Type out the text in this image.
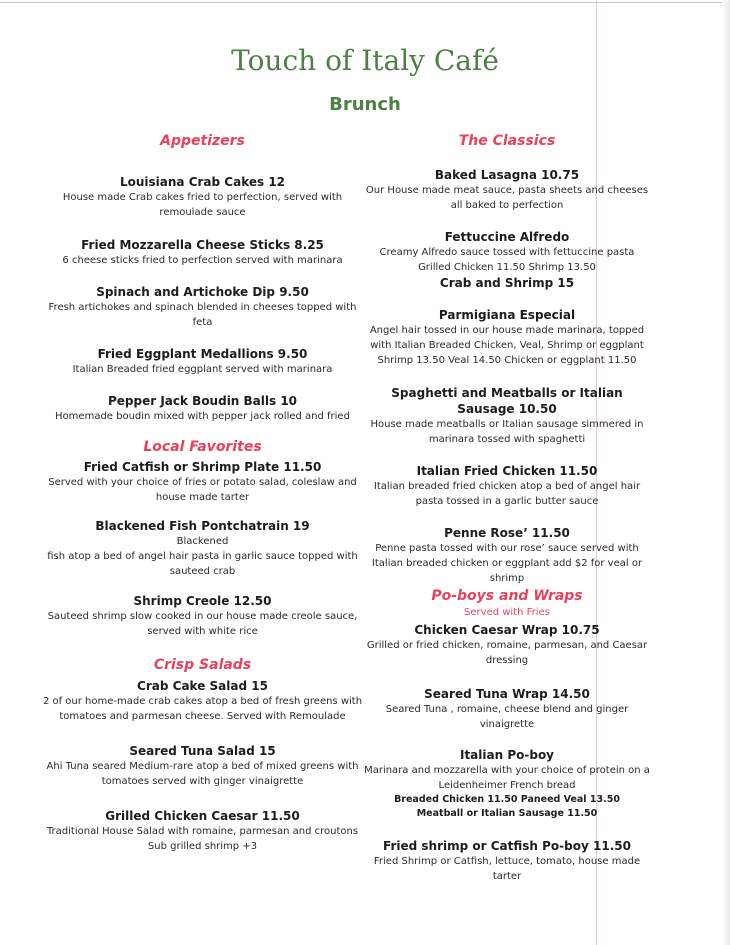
Touch of Italy Café
Brunch
Appetizers
Louisiana Crab Cakes 12
House made Crab cakes fried to perfection, served with remoulade sauce
Fried Mozzarella Cheese Sticks 8.25
6 cheese sticks fried to perfection served with marinara
Spinach and Artichoke Dip 9.50
Fresh artichokes and spinach blended in cheeses topped with feta
Fried Eggplant Medallions 9.50
Italian Breaded fried eggplant served with marinara
Pepper Jack Boudin Balls 10
Homemade boudin mixed with pepper jack rolled and fried
Local Favorites
Fried Catfish or Shrimp Plate 11.50
Served with your choice of fries or potato salad, coleslaw and house made tarter
Blackened Fish Pontchatrain 19
Blackened
fish atop a bed of angel hair pasta in garlic sauce topped with sauteed crab
Shrimp Creole 12.50
Sauteed shrimp slow cooked in our house made creole sauce, served with white rice
Crisp Salads
Crab Cake Salad 15
2 of our home-made crab cakes atop a bed of fresh greens with tomatoes and parmesan cheese. Served with Remoulade
Seared Tuna Salad 15
Ahi Tuna seared Medium-rare atop a bed of mixed greens with tomatoes served with ginger vinaigrette
Grilled Chicken Caesar 11.50
Traditional House Salad with romaine, parmesan and croutons
Sub grilled shrimp +3
The Classics
Baked Lasagna 10.75
Our House made meat sauce, pasta sheets and cheeses all baked to perfection
Fettuccine Alfredo
Creamy Alfredo sauce tossed with fettuccine pasta
Grilled Chicken 11.50 Shrimp 13.50
Crab and Shrimp 15
Parmigiana Especial
Angel hair tossed in our house made marinara, topped with Italian Breaded Chicken, Veal, Shrimp or eggplant
Shrimp 13.50 Veal 14.50 Chicken or eggplant 11.50
Spaghetti and Meatballs or Italian Sausage 10.50
House made meatballs or Italian sausage simmered in marinara tossed with spaghetti
Italian Fried Chicken 11.50
Italian breaded fried chicken atop a bed of angel hair pasta tossed in a garlic butter sauce
Penne Rose’ 11.50
Penne pasta tossed with our rose’ sauce served with Italian breaded chicken or eggplant add $2 for veal or shrimp
Po-boys and Wraps
Served with Fries
Chicken Caesar Wrap 10.75
Grilled or fried chicken, romaine, parmesan, and Caesar dressing
Seared Tuna Wrap 14.50
Seared Tuna , romaine, cheese blend and ginger vinaigrette
Italian Po-boy
Marinara and mozzarella with your choice of protein on a Leidenheimer French bread
Breaded Chicken 11.50 Paneed Veal 13.50
Meatball or Italian Sausage 11.50
Fried shrimp or Catfish Po-boy 11.50
Fried Shrimp or Catfish, lettuce, tomato, house made tarter
